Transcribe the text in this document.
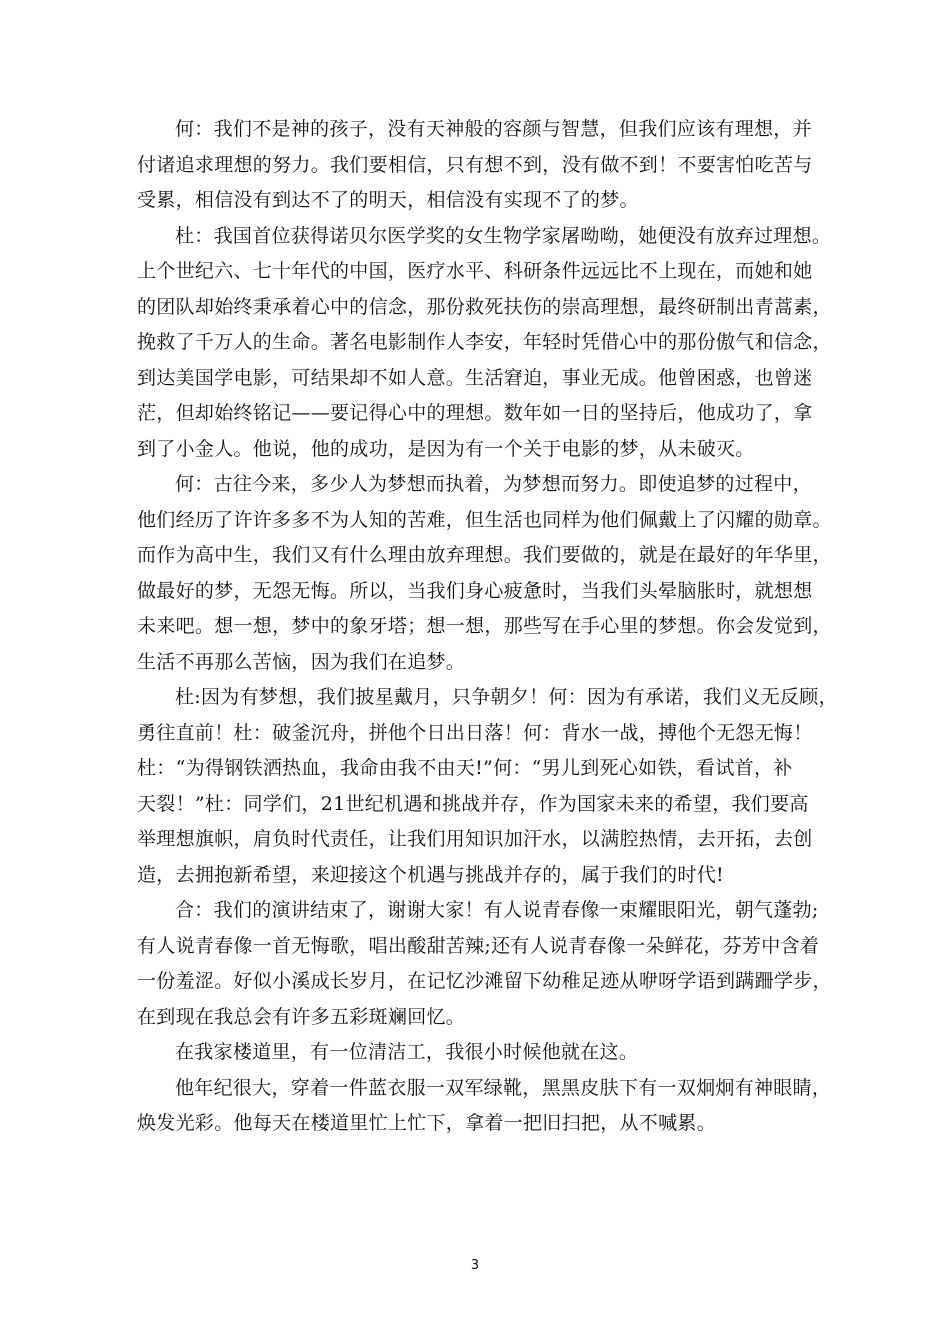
何：我们不是神的孩子，没有天神般的容颜与智慧，但我们应该有理想，并
付诸追求理想的努力。我们要相信，只有想不到，没有做不到！不要害怕吃苦与
受累，相信没有到达不了的明天，相信没有实现不了的梦。

杜：我国首位获得诺贝尔医学奖的女生物学家屠呦呦，她便没有放弃过理想。
上个世纪六、七十年代的中国，医疗水平、科研条件远远比不上现在，而她和她
的团队却始终秉承着心中的信念，那份救死扶伤的崇高理想，最终研制出青蒿素，
挽救了千万人的生命。著名电影制作人李安，年轻时凭借心中的那份傲气和信念，
到达美国学电影，可结果却不如人意。生活窘迫，事业无成。他曾困惑，也曾迷
茫，但却始终铭记——要记得心中的理想。数年如一日的坚持后，他成功了，拿
到了小金人。他说，他的成功，是因为有一个关于电影的梦，从未破灭。

何：古往今来，多少人为梦想而执着，为梦想而努力。即使追梦的过程中，
他们经历了许许多多不为人知的苦难，但生活也同样为他们佩戴上了闪耀的勋章。
而作为高中生，我们又有什么理由放弃理想。我们要做的，就是在最好的年华里，
做最好的梦，无怨无悔。所以，当我们身心疲惫时，当我们头晕脑胀时，就想想
未来吧。想一想，梦中的象牙塔；想一想，那些写在手心里的梦想。你会发觉到，
生活不再那么苦恼，因为我们在追梦。

杜:因为有梦想，我们披星戴月，只争朝夕！何：因为有承诺，我们义无反顾，
勇往直前！杜：破釜沉舟，拼他个日出日落！何：背水一战，搏他个无怨无悔！
杜：“为得钢铁洒热血，我命由我不由天!”何：“男儿到死心如铁，看试首，补
天裂！”杜：同学们，21世纪机遇和挑战并存，作为国家未来的希望，我们要高
举理想旗帜，肩负时代责任，让我们用知识加汗水，以满腔热情，去开拓，去创
造，去拥抱新希望，来迎接这个机遇与挑战并存的，属于我们的时代!

合：我们的演讲结束了，谢谢大家！有人说青春像一束耀眼阳光，朝气蓬勃;
有人说青春像一首无悔歌，唱出酸甜苦辣;还有人说青春像一朵鲜花，芬芳中含着
一份羞涩。好似小溪成长岁月，在记忆沙滩留下幼稚足迹从咿呀学语到蹒跚学步，
在到现在我总会有许多五彩斑斓回忆。

在我家楼道里，有一位清洁工，我很小时候他就在这。

他年纪很大，穿着一件蓝衣服一双军绿靴，黑黑皮肤下有一双炯炯有神眼睛，
焕发光彩。他每天在楼道里忙上忙下，拿着一把旧扫把，从不喊累。

3
